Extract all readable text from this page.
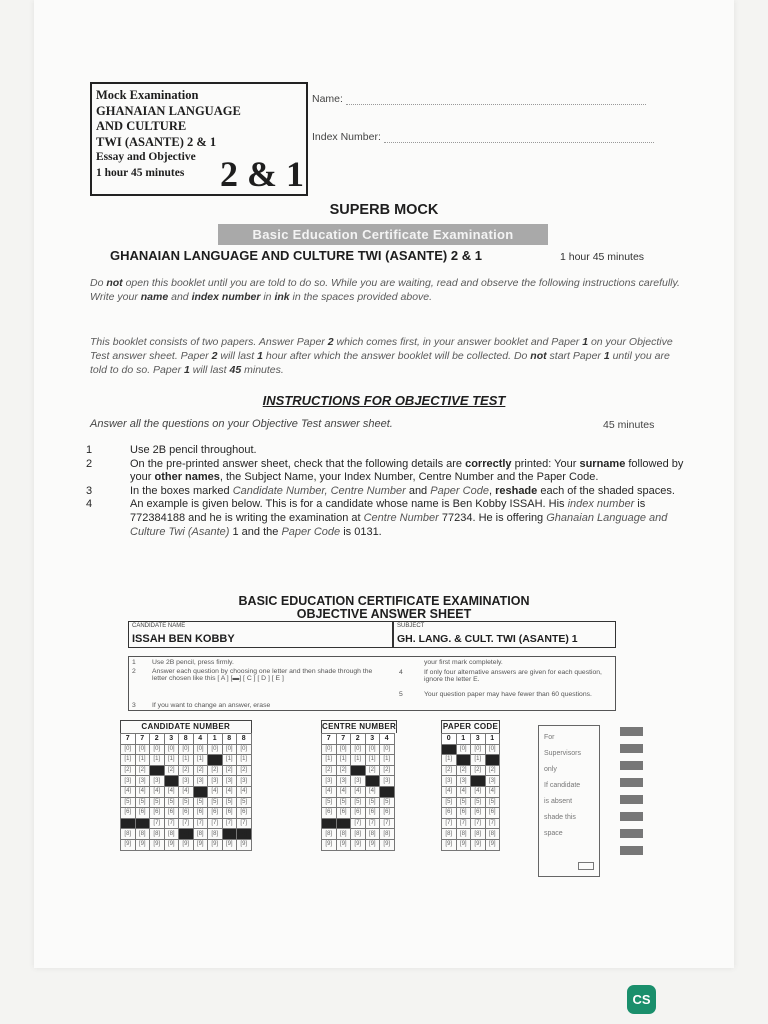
Mock Examination
GHANAIAN LANGUAGE
AND CULTURE
TWI (ASANTE) 2 & 1
Essay and Objective
1 hour 45 minutes 2 & 1
Name:
Index Number:
SUPERB MOCK
Basic Education Certificate Examination
GHANAIAN LANGUAGE AND CULTURE TWI (ASANTE) 2 & 1	1 hour 45 minutes
Do not open this booklet until you are told to do so. While you are waiting, read and observe the following instructions carefully. Write your name and index number in ink in the spaces provided above.
This booklet consists of two papers. Answer Paper 2 which comes first, in your answer booklet and Paper 1 on your Objective Test answer sheet. Paper 2 will last 1 hour after which the answer booklet will be collected. Do not start Paper 1 until you are told to do so. Paper 1 will last 45 minutes.
INSTRUCTIONS FOR OBJECTIVE TEST
Answer all the questions on your Objective Test answer sheet.	45 minutes
1	Use 2B pencil throughout.
2	On the pre-printed answer sheet, check that the following details are correctly printed: Your surname followed by your other names, the Subject Name, your Index Number, Centre Number and the Paper Code.
3	In the boxes marked Candidate Number, Centre Number and Paper Code, reshade each of the shaded spaces.
4	An example is given below. This is for a candidate whose name is Ben Kobby ISSAH. His index number is 772384188 and he is writing the examination at Centre Number 77234. He is offering Ghanaian Language and Culture Twi (Asante) 1 and the Paper Code is 0131.
BASIC EDUCATION CERTIFICATE EXAMINATION
OBJECTIVE ANSWER SHEET
CANDIDATE NAME
ISSAH BEN KOBBY
SUBJECT
GH. LANG. & CULT. TWI (ASANTE) 1
1 Use 2B pencil, press firmly.
2 Answer each question by choosing one letter and then shade through the letter chosen like this [ A ] [▬] [ C ] [ D ] [ E ]
3 If you want to change an answer, erase
your first mark completely.
4	If only four alternative answers are given for each question, ignore the letter E.
5	Your question paper may have fewer than 60 questions.
CANDIDATE NUMBER
7	7	2	3	8	4	1	8	8
[0]	[0]	[0]	[0]	[0]	[0]	[0]	[0]	[0]
[1]	[1]	[1]	[1]	[1]	[1]	[1]	[1]	[1]
[2]	[2]	[2]	[2]	[2]	[2]	[2]	[2]	[2]
[3]	[3]	[3]	[3]	[3]	[3]	[3]	[3]	[3]
[4]	[4]	[4]	[4]	[4]	[4]	[4]	[4]	[4]
[5]	[5]	[5]	[5]	[5]	[5]	[5]	[5]	[5]
[6]	[6]	[6]	[6]	[6]	[6]	[6]	[6]	[6]
[7]	[7]	[7]	[7]	[7]	[7]	[7]	[7]	[7]
[8]	[8]	[8]	[8]	[8]	[8]	[8]	[8]	[8]
[9]	[9]	[9]	[9]	[9]	[9]	[9]	[9]	[9]
CENTRE NUMBER
7	7	2	3	4
[0]	[0]	[0]	[0]	[0]
[1]	[1]	[1]	[1]	[1]
[2]	[2]	[2]	[2]	[2]
[3]	[3]	[3]	[3]	[3]
[4]	[4]	[4]	[4]	[4]
[5]	[5]	[5]	[5]	[5]
[6]	[6]	[6]	[6]	[6]
[7]	[7]	[7]	[7]	[7]
[8]	[8]	[8]	[8]	[8]
[9]	[9]	[9]	[9]	[9]
PAPER CODE
0	1	3	1
[0]	[0]	[0]	[0]
[1]	[1]	[1]	[1]
[2]	[2]	[2]	[2]
[3]	[3]	[3]	[3]
[4]	[4]	[4]	[4]
[5]	[5]	[5]	[5]
[6]	[6]	[6]	[6]
[7]	[7]	[7]	[7]
[8]	[8]	[8]	[8]
[9]	[9]	[9]	[9]
For
Supervisors
only
If candidate
is absent
shade this
space
CS
